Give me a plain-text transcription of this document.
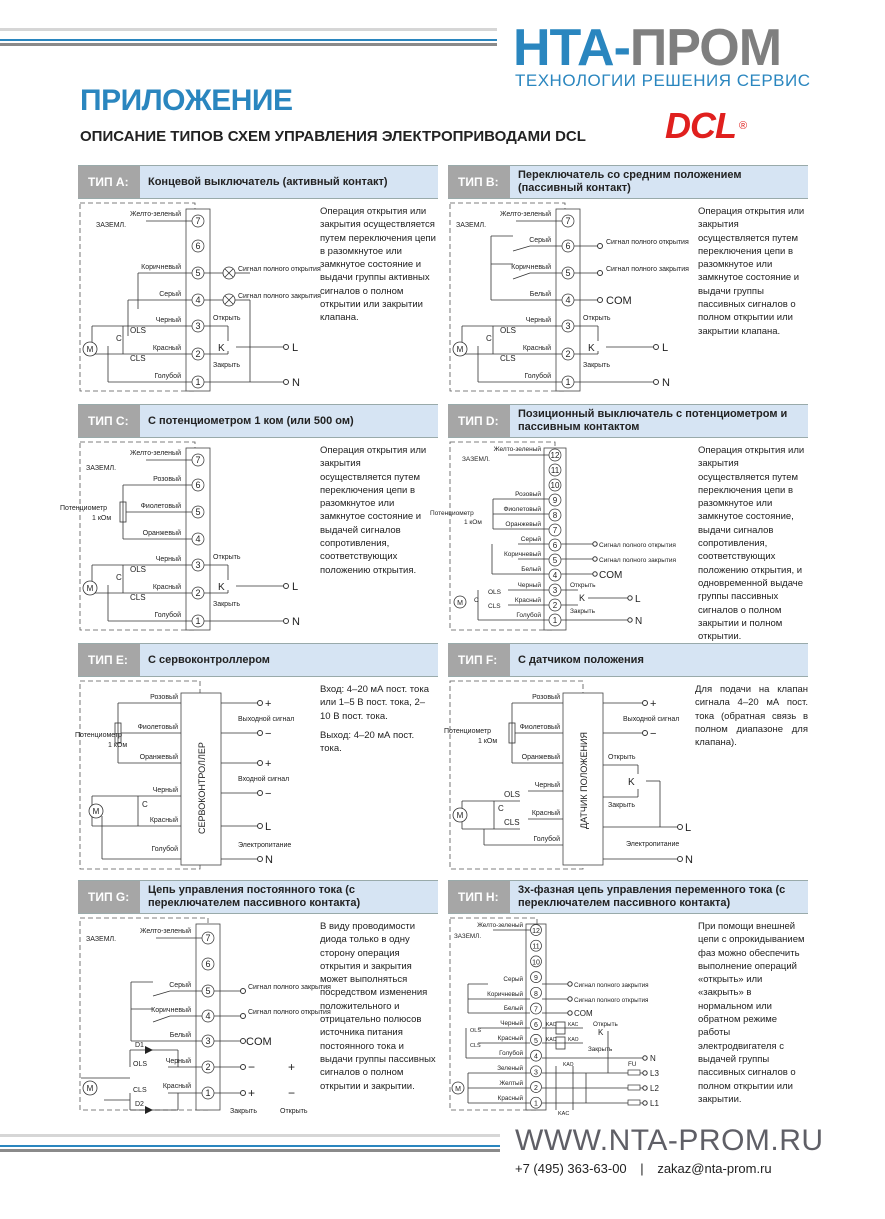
НТА-ПРОМ
ТЕХНОЛОГИИ РЕШЕНИЯ СЕРВИС
ПРИЛОЖЕНИЕ
ОПИСАНИЕ ТИПОВ СХЕМ УПРАВЛЕНИЯ ЭЛЕКТРОПРИВОДАМИ DCL DCL ®
ТИП A:	Концевой выключатель (активный контакт)
7
6
5
4
3
2
1
M
Желто-зеленый
ЗАЗЕМЛ.
Коричневый
Серый
Черный
Красный
Голубой
OLS
CLS
C
Сигнал полного открытия
Сигнал полного закрытия
Открыть
Закрыть
K	L
N
Операция открытия или закрытия осуществляется путем переключения цепи в разомкнутое или замкнутое состояние и выдачи группы активных сигналов о полном открытии или закрытии клапана.
ТИП B:	Переключатель со средним положением (пассивный контакт)
7
6
5
4
3
2
1
M
Желто-зеленый
ЗАЗЕМЛ.
Серый
Коричневый
Белый
Черный
Красный
Голубой
OLS
CLS
C
Сигнал полного открытия
Сигнал полного закрытия
COM
Открыть
Закрыть
K	L
N
Операция открытия или закрытия осуществляется путем переключения цепи в разомкнутое или замкнутое состояние и выдачи группы пассивных сигналов о полном открытии или закрытии клапана.
ТИП C:	С потенциометром 1 ком (или 500 ом)
7
6
5
4
3
2
1
M
Желто-зеленый
ЗАЗЕМЛ.
Розовый
Фиолетовый
Оранжевый
Потенциометр
1 кОм
Черный
Красный
Голубой
OLS
CLS
C
Открыть
Закрыть
K	L
N
Операция открытия или закрытия осуществляется путем переключения цепи в разомкнутое или замкнутое состояние и выдачей сигналов сопротивления, соответствующих положению открытия.
ТИП D:	Позиционный выключатель с потенциометром и пассивным контактом
12
11
10
9
8
7
6
5
4
3
2
1
M
Желто-зеленый
ЗАЗЕМЛ.
Розовый
Фиолетовый
Оранжевый
Потенциометр
1 кОм
Серый
Коричневый
Белый
Черный
Красный
Голубой
OLS
CLS
C
Сигнал полного открытия
Сигнал полного закрытия
COM
Открыть
Закрыть
K	L
N
Операция открытия или закрытия осуществляется путем переключения цепи в разомкнутое или замкнутое состояние, выдачи сигналов сопротивления, соответствующих положению открытия, и одновременной выдаче группы пассивных сигналов о полном закрытии и полном открытии.
ТИП E:	С сервоконтроллером
СЕРВОКОНТРОЛЛЕР
M
Розовый
Фиолетовый
Оранжевый
Потенциометр
1 кОм
Черный
Красный
Голубой
C
Выходной сигнал
Входной сигнал
Электропитание
+
−
+
−
L
N
Вход: 4–20 мА пост. тока или 1–5 В пост. тока, 2–10 В пост. тока.
Выход: 4–20 мА пост. тока.
ТИП F:	С датчиком положения
ДАТЧИК ПОЛОЖЕНИЯ
M
Розовый
Фиолетовый
Оранжевый
Потенциометр
1 кОм
Черный
Красный
Голубой
OLS
CLS
C
Выходной сигнал
Открыть
Закрыть
K
Электропитание
+
−
L
N
Для подачи на клапан сигнала 4–20 мА пост. тока (обратная связь в полном диапазоне для клапана).
ТИП G:	Цепь управления постоянного тока (с переключателем пассивного контакта)
7
6
5
4
3
2
1
M
Желто-зеленый
ЗАЗЕМЛ.
Серый
Коричневый
Белый
Черный
Красный
D1
D2
OLS
CLS
Сигнал полного закрытия
Сигнал полного открытия
COM
−	+
+	−
Закрыть	Открыть
В виду проводимости диода только в одну сторону операция открытия и закрытия может выполняться посредством изменения положительного и отрицательно полюсов источника питания постоянного тока и выдачи группы пассивных сигналов о полном открытии и закрытии.
ТИП H:	3х-фазная цепь управления переменного тока (с переключателем пассивного контакта)
12
11
10
9
8
7
6
5
4
3
2
1
M
Желто-зеленый
ЗАЗЕМЛ.
Серый
Коричневый
Белый
Черный
Красный
Голубой
Зеленый
Желтый
Красный
OLS
CLS
Сигнал полного закрытия
Сигнал полного открытия
COM
KAO KAC
KAC KAO
Открыть
K
Закрыть
KAO
KAC
FU
N
L3
L2
L1
При помощи внешней цепи с опрокидыванием фаз можно обеспечить выполнение операций «открыть» или «закрыть» в нормальном или обратном режиме работы электродвигателя с выдачей группы пассивных сигналов о полном открытии или закрытии.
WWW.NTA-PROM.RU
+7 (495) 363-63-00 | zakaz@nta-prom.ru
